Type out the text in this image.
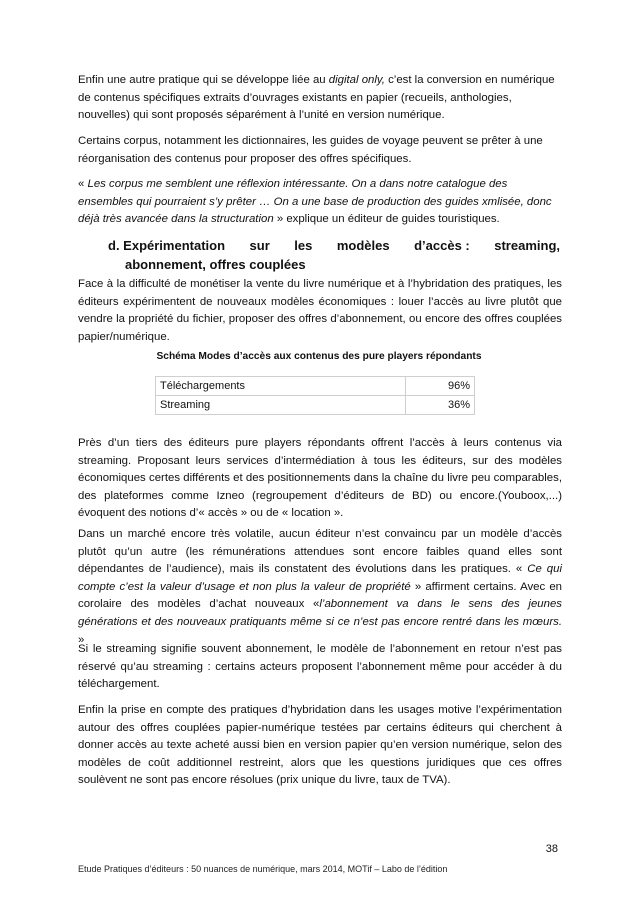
Enfin une autre pratique qui se développe liée au digital only, c’est la conversion en numérique de contenus spécifiques extraits d’ouvrages existants en papier (recueils, anthologies, nouvelles) qui sont proposés séparément à l’unité en version numérique.

Certains corpus, notamment les dictionnaires, les guides de voyage peuvent se prêter à une réorganisation des contenus pour proposer des offres spécifiques.

« Les corpus me semblent une réflexion intéressante. On a dans notre catalogue des ensembles qui pourraient s’y prêter … On a une base de production des guides xmlisée, donc déjà très avancée dans la structuration » explique un éditeur de guides touristiques.

d. Expérimentation sur les modèles d’accès : streaming,
abonnement, offres couplées

Face à la difficulté de monétiser la vente du livre numérique et à l’hybridation des pratiques, les éditeurs expérimentent de nouveaux modèles économiques : louer l’accès au livre plutôt que vendre la propriété du fichier, proposer des offres d’abonnement, ou encore des offres couplées papier/numérique.

Schéma Modes d’accès aux contenus des pure players répondants
Téléchargements	96%
Streaming	36%

Près d’un tiers des éditeurs pure players répondants offrent l’accès à leurs contenus via streaming. Proposant leurs services d’intermédiation à tous les éditeurs, sur des modèles économiques certes différents et des positionnements dans la chaîne du livre peu comparables, des plateformes comme Izneo (regroupement d’éditeurs de BD) ou encore.(Youboox,...) évoquent des notions d’« accès » ou de « location ».

Dans un marché encore très volatile, aucun éditeur n’est convaincu par un modèle d’accès plutôt qu’un autre (les rémunérations attendues sont encore faibles quand elles sont dépendantes de l’audience), mais ils constatent des évolutions dans les pratiques. « Ce qui compte c’est la valeur d’usage et non plus la valeur de propriété » affirment certains. Avec en corolaire des modèles d’achat nouveaux «l’abonnement va dans le sens des jeunes générations et des nouveaux pratiquants même si ce n’est pas encore rentré dans les mœurs. »

Si le streaming signifie souvent abonnement, le modèle de l’abonnement en retour n’est pas réservé qu’au streaming : certains acteurs proposent l’abonnement même pour accéder à du téléchargement.

Enfin la prise en compte des pratiques d’hybridation dans les usages motive l’expérimentation autour des offres couplées papier-numérique testées par certains éditeurs qui cherchent à donner accès au texte acheté aussi bien en version papier qu’en version numérique, selon des modèles de coût additionnel restreint, alors que les questions juridiques que ces offres soulèvent ne sont pas encore résolues (prix unique du livre, taux de TVA).

38
Etude Pratiques d’éditeurs : 50 nuances de numérique, mars 2014, MOTif – Labo de l’édition
